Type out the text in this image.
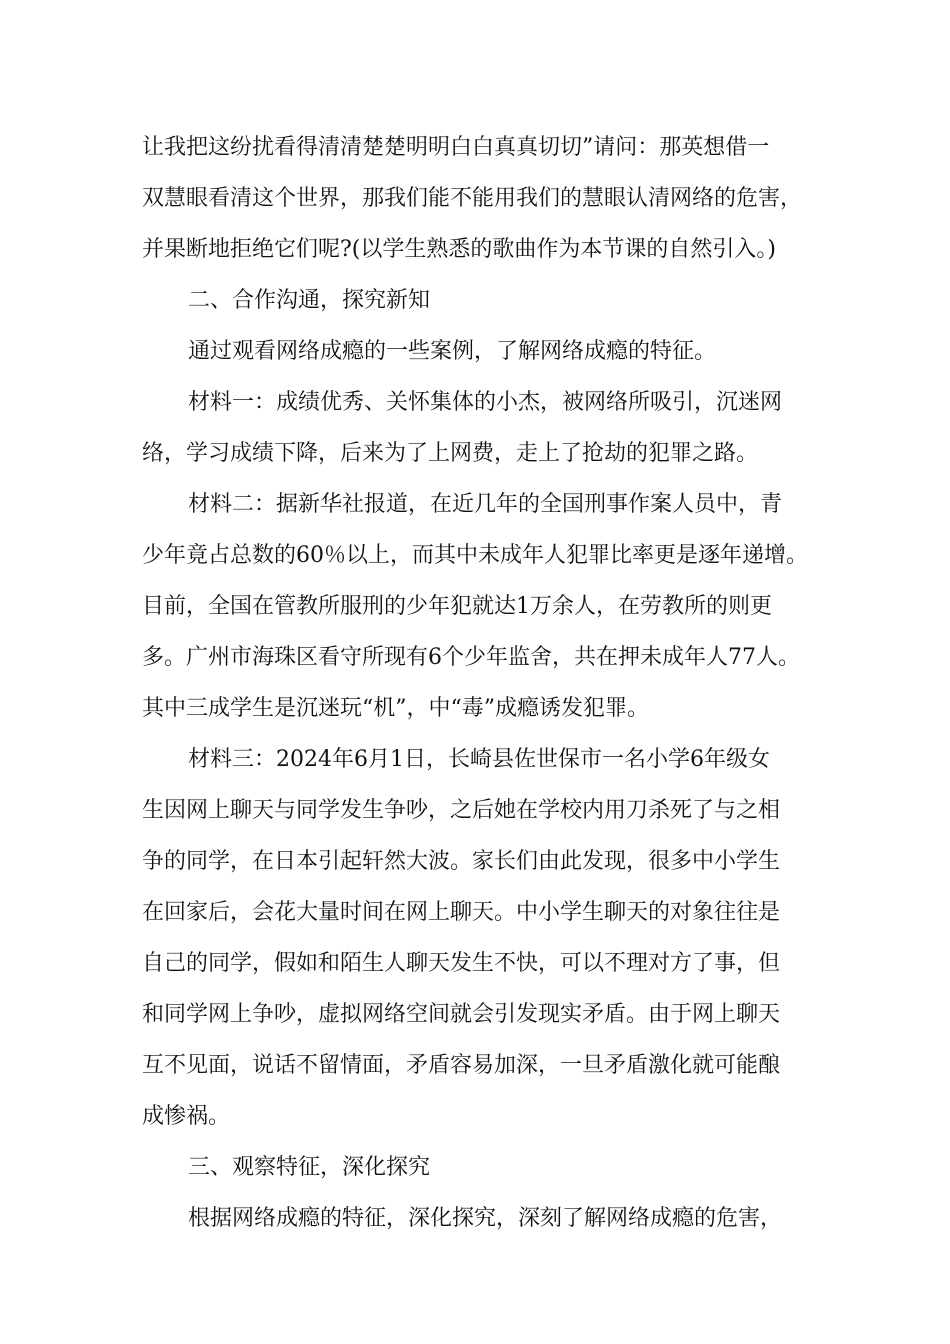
让我把这纷扰看得清清楚楚明明白白真真切切”请问：那英想借一
双慧眼看清这个世界，那我们能不能用我们的慧眼认清网络的危害，
并果断地拒绝它们呢?(以学生熟悉的歌曲作为本节课的自然引入。)
二、合作沟通，探究新知
通过观看网络成瘾的一些案例，了解网络成瘾的特征。
材料一：成绩优秀、关怀集体的小杰，被网络所吸引，沉迷网
络，学习成绩下降，后来为了上网费，走上了抢劫的犯罪之路。
材料二：据新华社报道，在近几年的全国刑事作案人员中，青
少年竟占总数的60％以上，而其中未成年人犯罪比率更是逐年递增。
目前，全国在管教所服刑的少年犯就达1万余人，在劳教所的则更
多。广州市海珠区看守所现有6个少年监舍，共在押未成年人77人。
其中三成学生是沉迷玩“机”，中“毒”成瘾诱发犯罪。
材料三：2024年6月1日，长崎县佐世保市一名小学6年级女
生因网上聊天与同学发生争吵，之后她在学校内用刀杀死了与之相
争的同学，在日本引起轩然大波。家长们由此发现，很多中小学生
在回家后，会花大量时间在网上聊天。中小学生聊天的对象往往是
自己的同学，假如和陌生人聊天发生不快，可以不理对方了事，但
和同学网上争吵，虚拟网络空间就会引发现实矛盾。由于网上聊天
互不见面，说话不留情面，矛盾容易加深，一旦矛盾激化就可能酿
成惨祸。
三、观察特征，深化探究
根据网络成瘾的特征，深化探究，深刻了解网络成瘾的危害，
